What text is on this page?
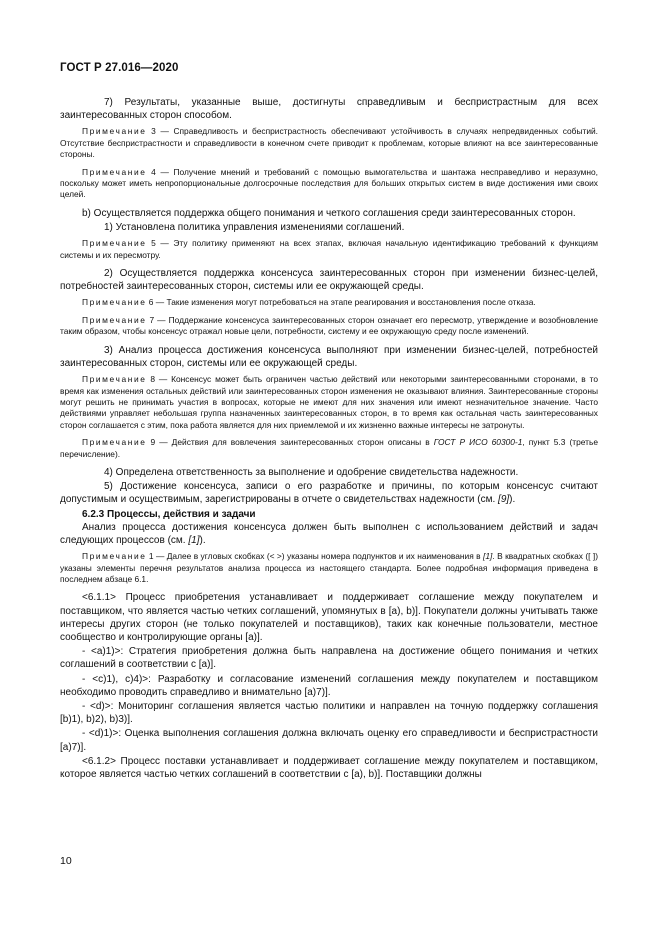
ГОСТ Р 27.016—2020

7) Результаты, указанные выше, достигнуты справедливым и беспристрастным для всех заинтересованных сторон способом.

Примечание 3 — Справедливость и беспристрастность обеспечивают устойчивость в случаях непредвиденных событий. Отсутствие беспристрастности и справедливости в конечном счете приводит к проблемам, которые влияют на все заинтересованные стороны.

Примечание 4 — Получение мнений и требований с помощью вымогательства и шантажа несправедливо и неразумно, поскольку может иметь непропорциональные долгосрочные последствия для больших открытых систем в виде достижения ими своих целей.

b) Осуществляется поддержка общего понимания и четкого соглашения среди заинтересованных сторон.

1) Установлена политика управления изменениями соглашений.

Примечание 5 — Эту политику применяют на всех этапах, включая начальную идентификацию требований к функциям системы и их пересмотру.

2) Осуществляется поддержка консенсуса заинтересованных сторон при изменении бизнес-целей, потребностей заинтересованных сторон, системы или ее окружающей среды.

Примечание 6 — Такие изменения могут потребоваться на этапе реагирования и восстановления после отказа.

Примечание 7 — Поддержание консенсуса заинтересованных сторон означает его пересмотр, утверждение и возобновление таким образом, чтобы консенсус отражал новые цели, потребности, систему и ее окружающую среду после изменений.

3) Анализ процесса достижения консенсуса выполняют при изменении бизнес-целей, потребностей заинтересованных сторон, системы или ее окружающей среды.

Примечание 8 — Консенсус может быть ограничен частью действий или некоторыми заинтересованными сторонами, в то время как изменения остальных действий или заинтересованных сторон изменения не оказывают влияния. Заинтересованные стороны могут решить не принимать участия в вопросах, которые не имеют для них значения или имеют незначительное значение. Часто действиями управляет небольшая группа назначенных заинтересованных сторон, в то время как остальная часть заинтересованных сторон соглашается с этим, пока работа является для них приемлемой и их жизненно важные интересы не затронуты.

Примечание 9 — Действия для вовлечения заинтересованных сторон описаны в ГОСТ Р ИСО 60300-1, пункт 5.3 (третье перечисление).

4) Определена ответственность за выполнение и одобрение свидетельства надежности.

5) Достижение консенсуса, записи о его разработке и причины, по которым консенсус считают допустимым и осуществимым, зарегистрированы в отчете о свидетельствах надежности (см. [9]).

6.2.3 Процессы, действия и задачи

Анализ процесса достижения консенсуса должен быть выполнен с использованием действий и задач следующих процессов (см. [1]).

Примечание 1 — Далее в угловых скобках (< >) указаны номера подпунктов и их наименования в [1]. В квадратных скобках ([ ]) указаны элементы перечня результатов анализа процесса из настоящего стандарта. Более подробная информация приведена в последнем абзаце 6.1.

<6.1.1> Процесс приобретения устанавливает и поддерживает соглашение между покупателем и поставщиком, что является частью четких соглашений, упомянутых в [а), b)]. Покупатели должны учитывать также интересы других сторон (не только покупателей и поставщиков), таких как конечные пользователи, местное сообщество и контролирующие органы [а)].

- <а)1)>: Стратегия приобретения должна быть направлена на достижение общего понимания и четких соглашений в соответствии с [а)].

- <с)1), с)4)>: Разработку и согласование изменений соглашения между покупателем и поставщиком необходимо проводить справедливо и внимательно [а)7)].

- <d)>: Мониторинг соглашения является частью политики и направлен на точную поддержку соглашения [b)1), b)2), b)3)].

- <d)1)>: Оценка выполнения соглашения должна включать оценку его справедливости и беспристрастности [а)7)].

<6.1.2> Процесс поставки устанавливает и поддерживает соглашение между покупателем и поставщиком, которое является частью четких соглашений в соответствии с [а), b)]. Поставщики должны

10
